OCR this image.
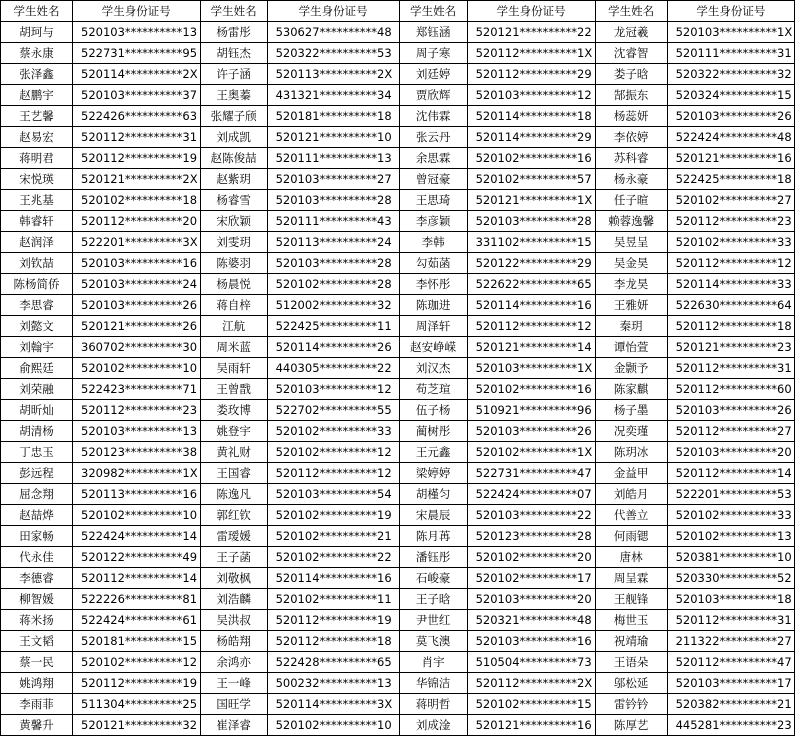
学生姓名	学生身份证号	学生姓名	学生身份证号	学生姓名	学生身份证号	学生姓名	学生身份证号
胡珂与	520103**********13	杨雷彤	530627**********48	郑钰涵	520121**********22	龙冠羲	520103**********1X
蔡永康	522731**********95	胡钰杰	520322**********53	周子寒	520112**********1X	沈睿智	520111**********31
张泽鑫	520114**********2X	许子涵	520113**********2X	刘廷婷	520112**********29	娄子晗	520322**********32
赵鹏宇	520103**********37	王奥蓁	431321**********34	贾欣辉	520103**********12	郜振东	520324**********15
王艺馨	522426**********63	张耀子颀	520181**********18	沈伟霖	520114**********18	杨蕊妍	520103**********26
赵易宏	520112**********31	刘成凯	520121**********10	张云丹	520114**********29	李依婷	522424**********48
蒋明君	520112**********19	赵陈俊喆	520111**********13	余思霖	520102**********16	苏科睿	520121**********16
宋悦瑛	520121**********2X	赵紫玥	520103**********27	曾冠豪	520102**********57	杨永豪	522425**********18
王兆基	520102**********18	杨睿雪	520103**********28	王思琦	520121**********1X	任子暄	520102**********27
韩睿轩	520112**********20	宋欣颖	520111**********43	李彦颖	520103**********28	赖蓉逸馨	520112**********23
赵润泽	522201**********3X	刘雯玥	520113**********24	李韩	331102**********15	吴昱呈	520102**********33
刘钦喆	520103**********16	陈婆羽	520103**********28	勾茹菡	520122**********29	吴金昊	520112**********12
陈杨简侨	520103**********24	杨晨悦	520102**********28	李怀彤	522622**********65	李龙昊	520114**********33
李思睿	520103**********26	蒋自梓	512002**********32	陈珈进	520114**********16	王雅妍	522630**********64
刘懿文	520121**********26	江航	522425**********11	周泽轩	520112**********12	秦玥	520112**********18
刘翰宇	360702**********30	周米蓝	520114**********26	赵安峥嵘	520121**********14	谭怡萱	520121**********23
俞熙廷	520102**********10	吴雨轩	440305**********22	刘汉杰	520103**********1X	金颢予	520112**********31
刘荣融	522423**********71	王曾戬	520103**********12	苟芝瑄	520102**********16	陈家麒	520112**********60
胡昕灿	520112**********23	娄玫博	522702**********55	伍子杨	510921**********96	杨子墨	520103**********26
胡清杨	520103**********13	姚登宇	520102**********33	蔺树彤	520103**********26	况奕瑾	520112**********27
丁忠玉	520123**********38	黄礼财	520102**********12	王元鑫	520102**********1X	陈玥冰	520103**********20
彭远程	320982**********1X	王国睿	520112**********12	梁婷婷	522731**********47	金益甲	520112**********14
屈念翔	520113**********16	陈逸凡	520103**********54	胡槿匀	522424**********07	刘皓月	522201**********53
赵喆烨	520102**********10	郭红钦	520102**********19	宋晨辰	520103**********22	代善立	520102**********33
田家畅	522424**********14	雷瑷媛	520102**********21	陈月苒	520123**********28	何雨锶	520102**********13
代永佳	520122**********49	王子菡	520102**********22	潘钰彤	520102**********20	唐林	520381**********10
李德睿	520112**********14	刘敬枫	520114**********16	石峻豪	520102**********17	周呈霖	520330**********52
柳智媛	522226**********81	刘浩麟	520102**********11	王子晗	520103**********20	王舰锋	520103**********18
蒋米扬	522424**********61	吴洪叔	520112**********19	尹世红	520321**********48	梅世玉	520112**********31
王文韬	520181**********15	杨皓翔	520112**********18	莫飞澳	520103**********16	祝靖瑜	211322**********27
蔡一民	520102**********12	余鸿亦	522428**********65	肖宇	510504**********73	王语朵	520112**********47
姚鸿翔	520112**********19	王一峰	500232**********13	华锦洁	520112**********2X	邬松延	520103**********17
李雨菲	511304**********25	国旺学	520114**********3X	蒋明哲	520102**********15	雷钤钤	520382**********21
黄馨升	520121**********32	崔泽睿	520102**********10	刘成淦	520121**********16	陈厚艺	445281**********23
